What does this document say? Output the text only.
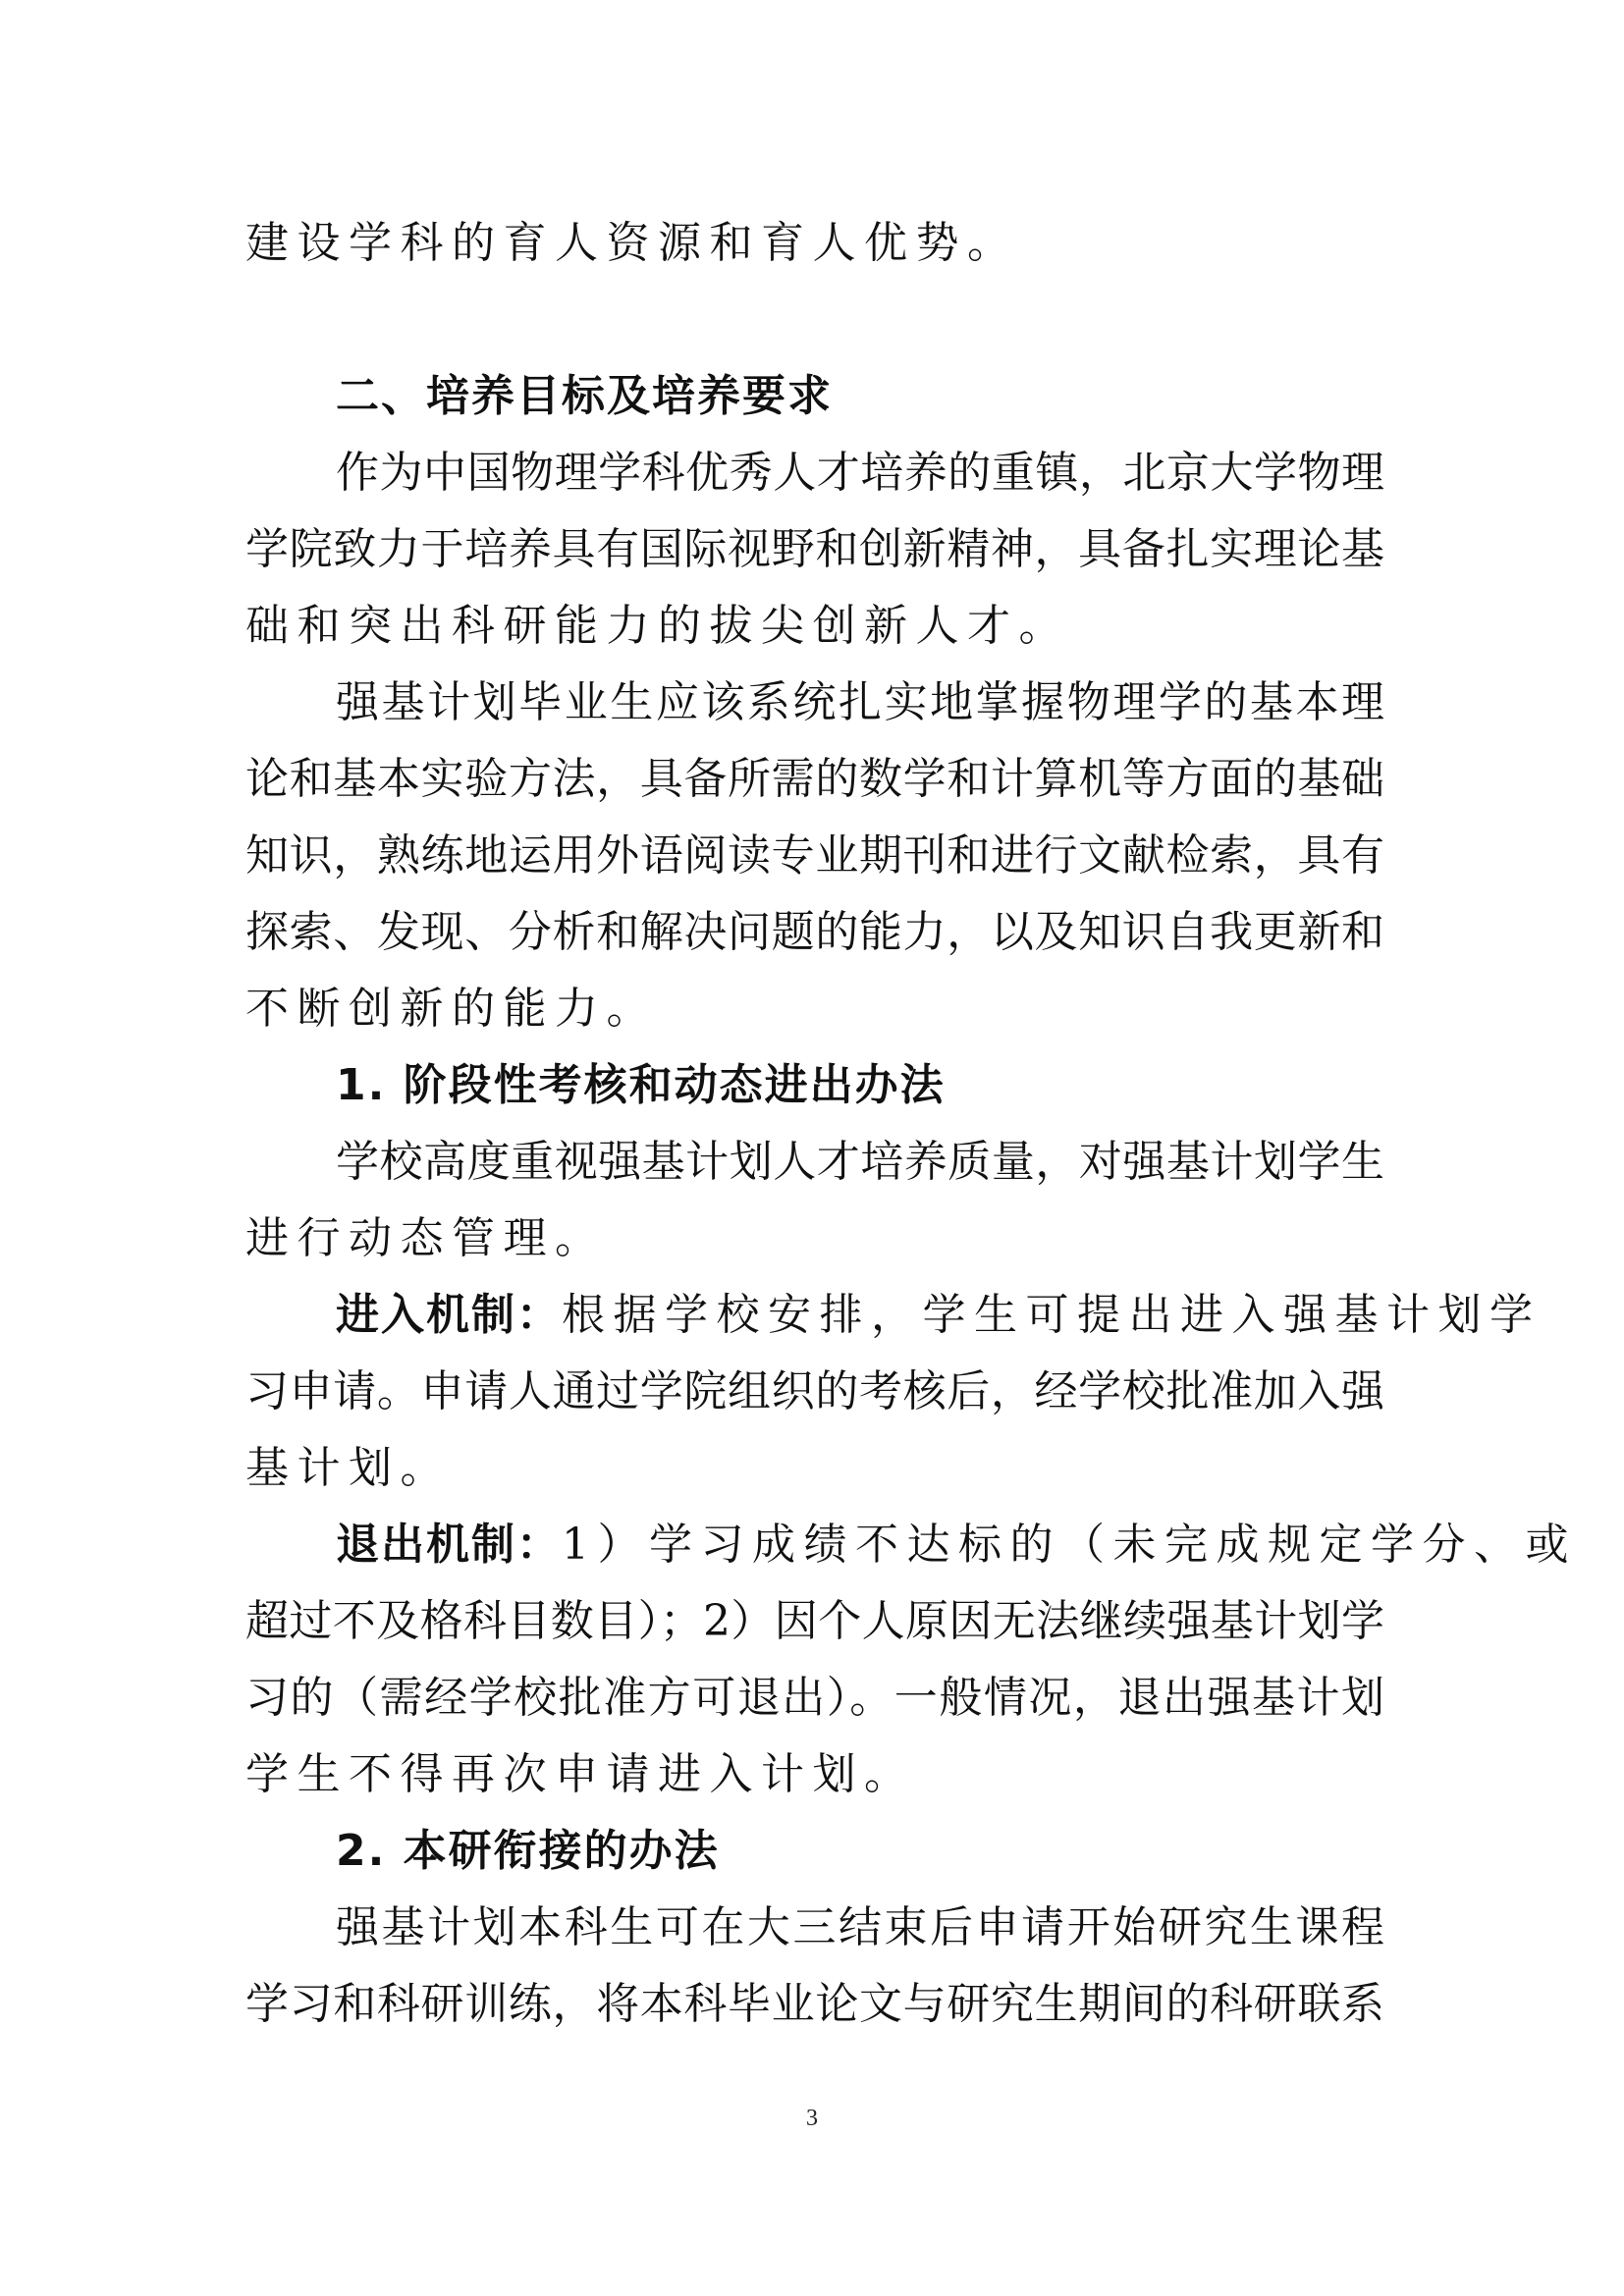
建设学科的育人资源和育人优势。
二、培养目标及培养要求
作为中国物理学科优秀人才培养的重镇，北京大学物理
学院致力于培养具有国际视野和创新精神，具备扎实理论基
础和突出科研能力的拔尖创新人才。
强基计划毕业生应该系统扎实地掌握物理学的基本理
论和基本实验方法，具备所需的数学和计算机等方面的基础
知识，熟练地运用外语阅读专业期刊和进行文献检索，具有
探索、发现、分析和解决问题的能力，以及知识自我更新和
不断创新的能力。
1. 阶段性考核和动态进出办法
学校高度重视强基计划人才培养质量，对强基计划学生
进行动态管理。
进入机制：根据学校安排，学生可提出进入强基计划学
习申请。申请人通过学院组织的考核后，经学校批准加入强
基计划。
退出机制：1）学习成绩不达标的（未完成规定学分、或
超过不及格科目数目）；2）因个人原因无法继续强基计划学
习的（需经学校批准方可退出）。一般情况，退出强基计划
学生不得再次申请进入计划。
2. 本研衔接的办法
强基计划本科生可在大三结束后申请开始研究生课程
学习和科研训练，将本科毕业论文与研究生期间的科研联系
3
